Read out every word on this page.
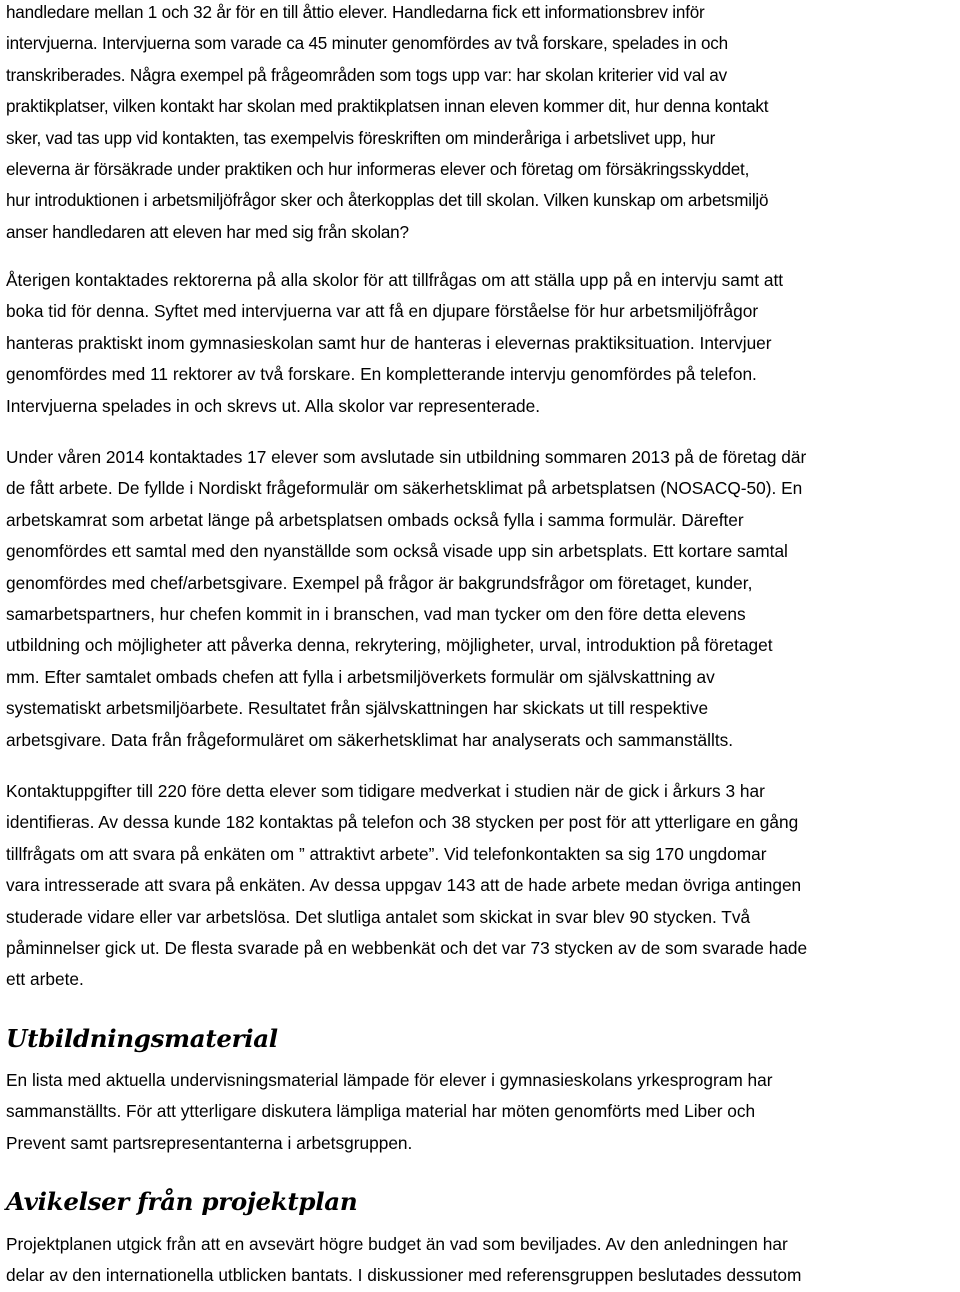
handledare mellan 1 och 32 år för en till åttio elever. Handledarna fick ett informationsbrev inför
intervjuerna. Intervjuerna som varade ca 45 minuter genomfördes av två forskare, spelades in och
transkriberades. Några exempel på frågeområden som togs upp var: har skolan kriterier vid val av
praktikplatser, vilken kontakt har skolan med praktikplatsen innan eleven kommer dit, hur denna kontakt
sker, vad tas upp vid kontakten, tas exempelvis föreskriften om minderåriga i arbetslivet upp, hur
eleverna är försäkrade under praktiken och hur informeras elever och företag om försäkringsskyddet,
hur introduktionen i arbetsmiljöfrågor sker och återkopplas det till skolan. Vilken kunskap om arbetsmiljö
anser handledaren att eleven har med sig från skolan?
Återigen kontaktades rektorerna på alla skolor för att tillfrågas om att ställa upp på en intervju samt att
boka tid för denna. Syftet med intervjuerna var att få en djupare förståelse för hur arbetsmiljöfrågor
hanteras praktiskt inom gymnasieskolan samt hur de hanteras i elevernas praktiksituation. Intervjuer
genomfördes med 11 rektorer av två forskare. En kompletterande intervju genomfördes på telefon.
Intervjuerna spelades in och skrevs ut. Alla skolor var representerade.
Under våren 2014 kontaktades 17 elever som avslutade sin utbildning sommaren 2013 på de företag där
de fått arbete. De fyllde i Nordiskt frågeformulär om säkerhetsklimat på arbetsplatsen (NOSACQ-50). En
arbetskamrat som arbetat länge på arbetsplatsen ombads också fylla i samma formulär. Därefter
genomfördes ett samtal med den nyanställde som också visade upp sin arbetsplats. Ett kortare samtal
genomfördes med chef/arbetsgivare. Exempel på frågor är bakgrundsfrågor om företaget, kunder,
samarbetspartners, hur chefen kommit in i branschen, vad man tycker om den före detta elevens
utbildning och möjligheter att påverka denna, rekrytering, möjligheter, urval, introduktion på företaget
mm. Efter samtalet ombads chefen att fylla i arbetsmiljöverkets formulär om självskattning av
systematiskt arbetsmiljöarbete. Resultatet från självskattningen har skickats ut till respektive
arbetsgivare. Data från frågeformuläret om säkerhetsklimat har analyserats och sammanställts.
Kontaktuppgifter till 220 före detta elever som tidigare medverkat i studien när de gick i årkurs 3 har
identifieras. Av dessa kunde 182 kontaktas på telefon och 38 stycken per post för att ytterligare en gång
tillfrågats om att svara på enkäten om ” attraktivt arbete”. Vid telefonkontakten sa sig 170 ungdomar
vara intresserade att svara på enkäten. Av dessa uppgav 143 att de hade arbete medan övriga antingen
studerade vidare eller var arbetslösa. Det slutliga antalet som skickat in svar blev 90 stycken. Två
påminnelser gick ut. De flesta svarade på en webbenkät och det var 73 stycken av de som svarade hade
ett arbete.
Utbildningsmaterial
En lista med aktuella undervisningsmaterial lämpade för elever i gymnasieskolans yrkesprogram har
sammanställts. För att ytterligare diskutera lämpliga material har möten genomförts med Liber och
Prevent samt partsrepresentanterna i arbetsgruppen.
Avikelser från projektplan
Projektplanen utgick från att en avsevärt högre budget än vad som beviljades. Av den anledningen har
delar av den internationella utblicken bantats. I diskussioner med referensgruppen beslutades dessutom
